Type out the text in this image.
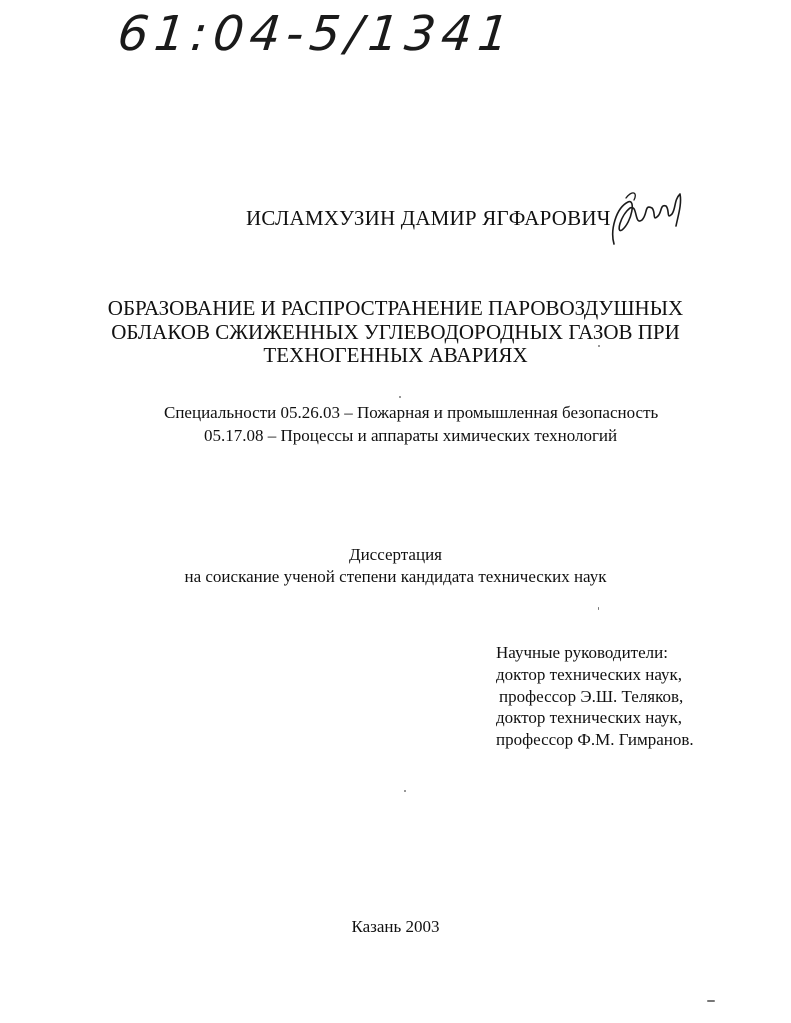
61:04-5/1341
ИСЛАМХУЗИН ДАМИР ЯГФАРОВИЧ
ОБРАЗОВАНИЕ И РАСПРОСТРАНЕНИЕ ПАРОВОЗДУШНЫХ
ОБЛАКОВ СЖИЖЕННЫХ УГЛЕВОДОРОДНЫХ ГАЗОВ ПРИ
ТЕХНОГЕННЫХ АВАРИЯХ
Специальности 05.26.03 – Пожарная и промышленная безопасность
05.17.08 – Процессы и аппараты химических технологий
Диссертация
на соискание ученой степени кандидата технических наук
Научные руководители:
доктор технических наук,
профессор Э.Ш. Теляков,
доктор технических наук,
профессор Ф.М. Гимранов.
Казань 2003
